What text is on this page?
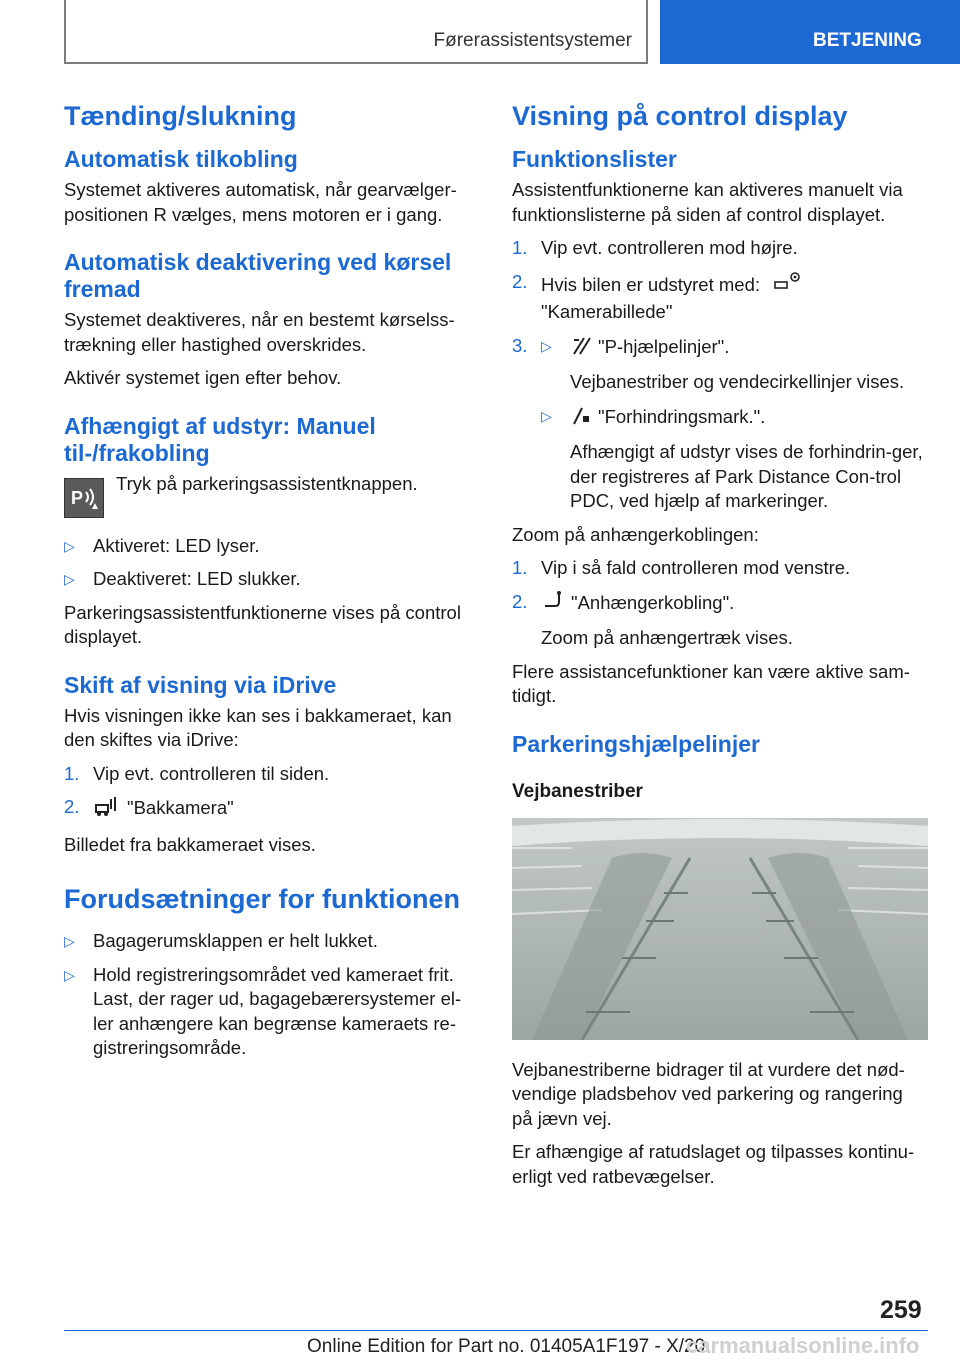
Førerassistentsystemer	BETJENING
Tænding/slukning
Automatisk tilkobling

Systemet aktiveres automatisk, når gearvælger-positionen R vælges, mens motoren er i gang.

Automatisk deaktivering ved kørsel fremad

Systemet deaktiveres, når en bestemt kørselss-trækning eller hastighed overskrides.

Aktivér systemet igen efter behov.

Afhængigt af udstyr: Manuel til-/frakobling
P
Tryk på parkeringsassistentknappen.
▷ Aktiveret: LED lyser.
▷ Deaktiveret: LED slukker.

Parkeringsassistentfunktionerne vises på control displayet.

Skift af visning via iDrive

Hvis visningen ikke kan ses i bakkameraet, kan den skiftes via iDrive:

1. Vip evt. controlleren til siden.
2.	"Bakkamera"

Billedet fra bakkameraet vises.

Forudsætninger for funktionen
▷ Bagagerumsklappen er helt lukket.
▷ Hold registreringsområdet ved kameraet frit. Last, der rager ud, bagagebærersystemer el-ler anhængere kan begrænse kameraets re-gistreringsområde.
Visning på control display
Funktionslister

Assistentfunktionerne kan aktiveres manuelt via funktionslisterne på siden af control displayet.

1. Vip evt. controlleren mod højre.
2. Hvis bilen er udstyret med:
"Kamerabillede"
3. ▷ "P-hjælpelinjer".
Vejbanestriber og vendecirkellinjer vises.
▷ "Forhindringsmark.".
Afhængigt af udstyr vises de forhindrin-ger, der registreres af Park Distance Con-trol PDC, ved hjælp af markeringer.

Zoom på anhængerkoblingen:

1. Vip i så fald controlleren mod venstre.
2. "Anhængerkobling".
Zoom på anhængertræk vises.

Flere assistancefunktioner kan være aktive sam-tidigt.

Parkeringshjælpelinjer
Vejbanestriber

Vejbanestriberne bidrager til at vurdere det nød-vendige pladsbehov ved parkering og rangering på jævn vej.

Er afhængige af ratudslaget og tilpasses kontinu-erligt ved ratbevægelser.

259
Online Edition for Part no. 01405A1F197 - X/20
carmanualsonline.info
